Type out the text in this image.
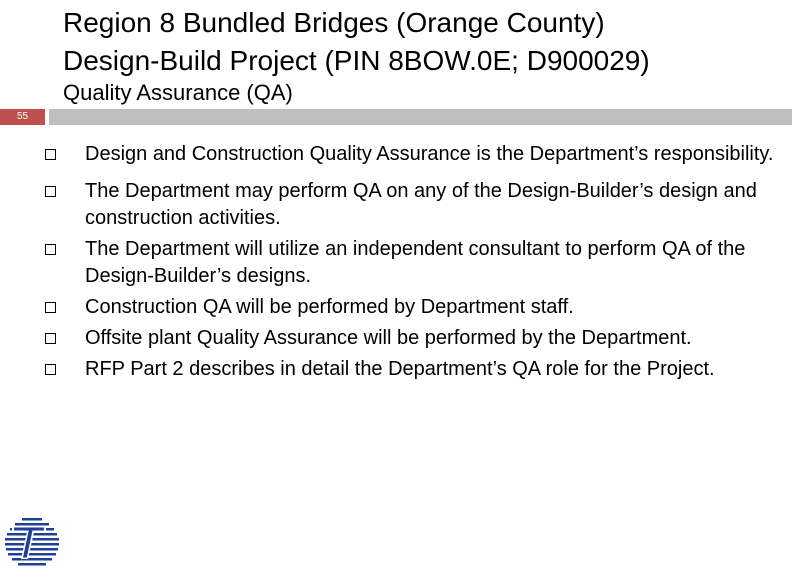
Region 8 Bundled Bridges (Orange County)
Design-Build Project (PIN 8BOW.0E; D900029)
Quality Assurance (QA)
55
Design and Construction Quality Assurance is the Department’s responsibility.
The Department may perform QA on any of the Design-Builder’s design and construction activities.
The Department will utilize an independent consultant to perform QA of the Design-Builder’s designs.
Construction QA will be performed by Department staff.
Offsite plant Quality Assurance will be performed by the Department.
RFP Part 2 describes in detail the Department’s QA role for the Project.
